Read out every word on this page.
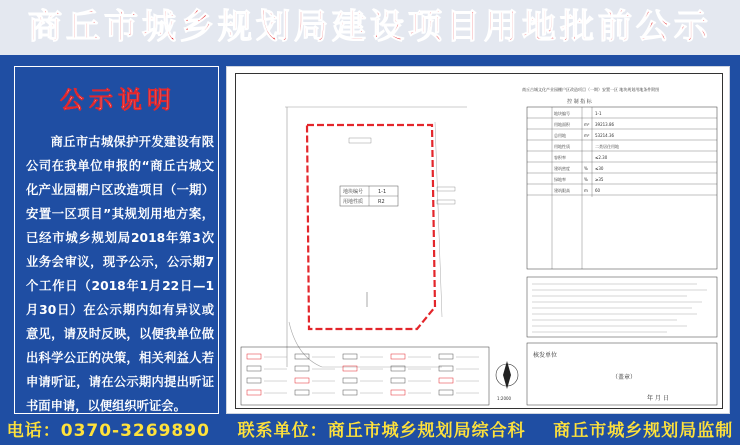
商丘市城乡规划局建设项目用地批前公示
公示说明
商丘市古城保护开发建设有限公司在我单位申报的“商丘古城文化产业园棚户区改造项目（一期）安置一区项目”其规划用地方案，已经市城乡规划局2018年第3次业务会审议，现予公示，公示期7个工作日（2018年1月22日—1月30日）在公示期内如有异议或意见，请及时反映，以便我单位做出科学公正的决策，相关利益人若申请听证，请在公示期内提出听证书面申请，以便组织听证会。
地块编号	1-1
用地性质	R2
商丘古城文化产业园棚户区改造项目（一期）安置一区 地块规划用地条件附图
控 制 指 标
地块编号	1-1
用地面积	m² 39213.86
总用地	m² 53214.36
用地性质	二类居住用地
容积率	≤2.30
建筑密度	% ≤30
绿地率	% ≥35
建筑限高	m 60
核发单位
（盖章）
年 月 日
1:2000
电话：0370-3269890    联系单位：商丘市城乡规划局综合科    商丘市城乡规划局监制
